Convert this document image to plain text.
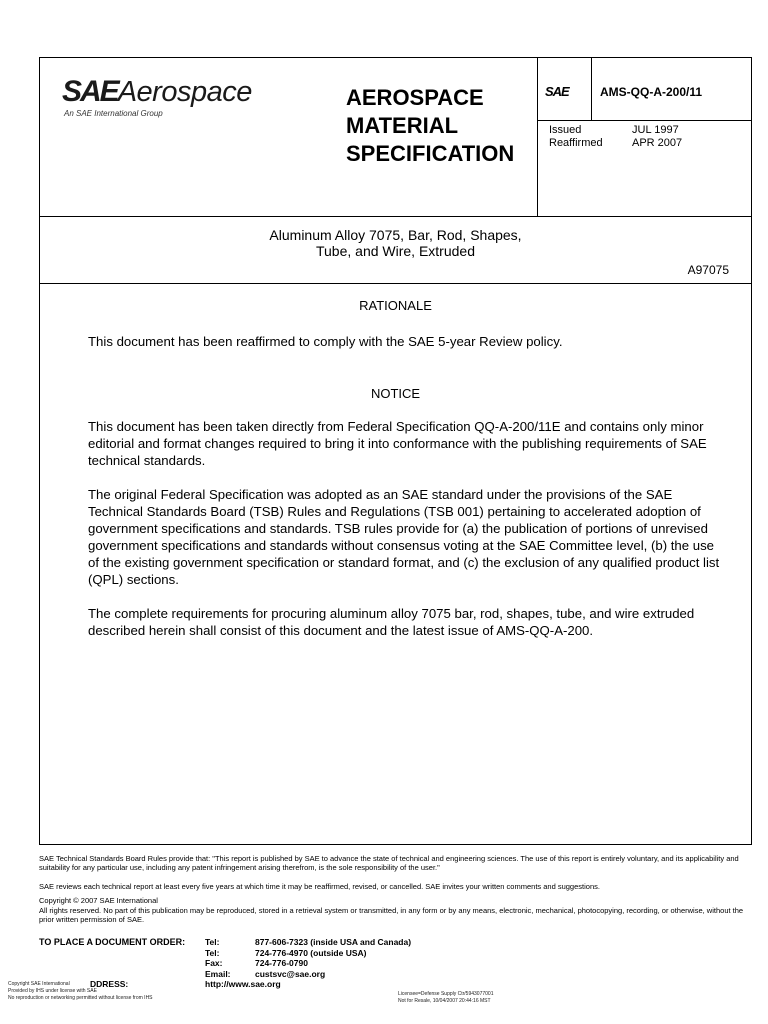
SAEAerospace
An SAE International Group
AEROSPACE
MATERIAL
SPECIFICATION
SAE	AMS-QQ-A-200/11
Issued
Reaffirmed
JUL 1997
APR 2007
Aluminum Alloy 7075, Bar, Rod, Shapes,
Tube, and Wire, Extruded
A97075
RATIONALE
This document has been reaffirmed to comply with the SAE 5-year Review policy.
NOTICE
This document has been taken directly from Federal Specification QQ-A-200/11E and contains only minor editorial and format changes required to bring it into conformance with the publishing requirements of SAE technical standards.
The original Federal Specification was adopted as an SAE standard under the provisions of the SAE Technical Standards Board (TSB) Rules and Regulations (TSB 001) pertaining to accelerated adoption of government specifications and standards. TSB rules provide for (a) the publication of portions of unrevised government specifications and standards without consensus voting at the SAE Committee level, (b) the use of the existing government specification or standard format, and (c) the exclusion of any qualified product list (QPL) sections.
The complete requirements for procuring aluminum alloy 7075 bar, rod, shapes, tube, and wire extruded described herein shall consist of this document and the latest issue of AMS-QQ-A-200.
SAE Technical Standards Board Rules provide that: "This report is published by SAE to advance the state of technical and engineering sciences. The use of this report is entirely voluntary, and its applicability and suitability for any particular use, including any patent infringement arising therefrom, is the sole responsibility of the user."
SAE reviews each technical report at least every five years at which time it may be reaffirmed, revised, or cancelled. SAE invites your written comments and suggestions.
Copyright © 2007 SAE International
All rights reserved. No part of this publication may be reproduced, stored in a retrieval system or transmitted, in any form or by any means, electronic, mechanical, photocopying, recording, or otherwise, without the prior written permission of SAE.
TO PLACE A DOCUMENT ORDER: Tel:
Tel:
Fax:
Email:
877-606-7323 (inside USA and Canada)
724-776-4970 (outside USA)
724-776-0790
custsvc@sae.org
DDRESS:	http://www.sae.org
Copyright SAE International
Provided by IHS under license with SAE
No reproduction or networking permitted without license from IHS
Licensee=Defense Supply Ctr/5943077001
Not for Resale, 10/04/2007 20:44:16 MST
